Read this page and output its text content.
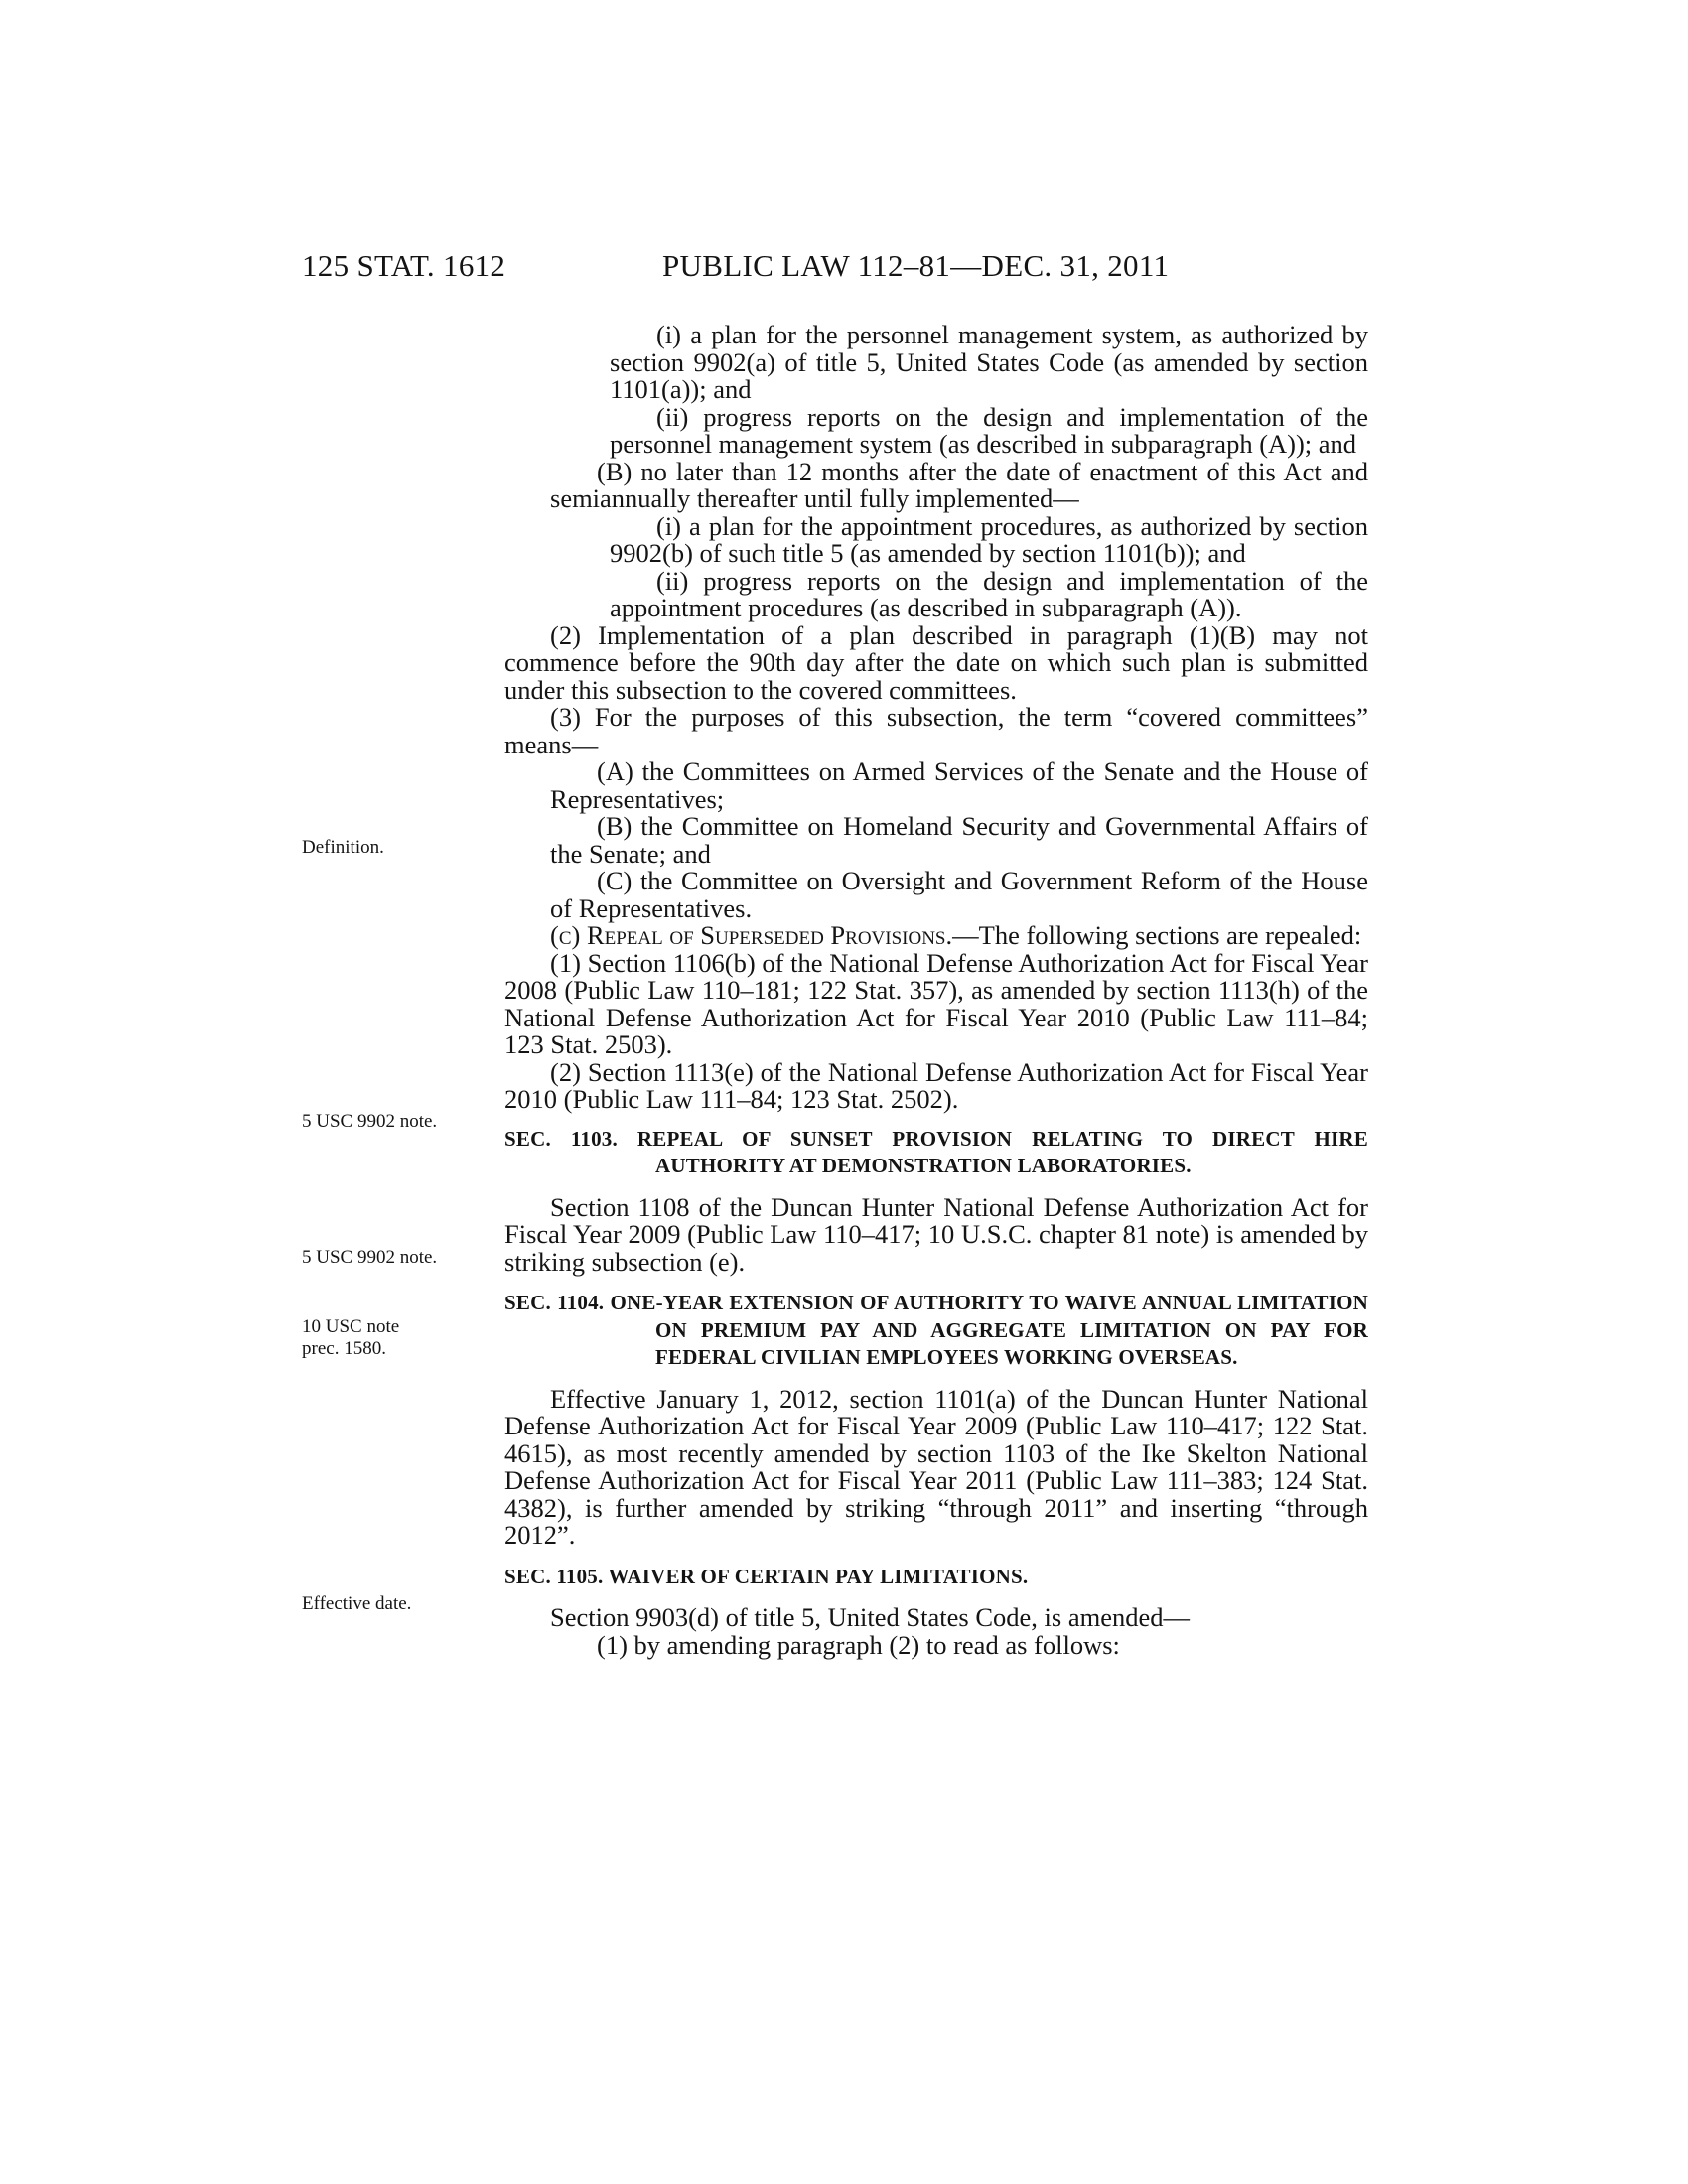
125 STAT. 1612	PUBLIC LAW 112–81—DEC. 31, 2011
Definition.
5 USC 9902 note.
5 USC 9902 note.
10 USC note
prec. 1580.
Effective date.

(i) a plan for the personnel management system, as authorized by section 9902(a) of title 5, United States Code (as amended by section 1101(a)); and

(ii) progress reports on the design and implementation of the personnel management system (as described in subparagraph (A)); and

(B) no later than 12 months after the date of enactment of this Act and semiannually thereafter until fully implemented—

(i) a plan for the appointment procedures, as authorized by section 9902(b) of such title 5 (as amended by section 1101(b)); and

(ii) progress reports on the design and implementation of the appointment procedures (as described in subparagraph (A)).

(2) Implementation of a plan described in paragraph (1)(B) may not commence before the 90th day after the date on which such plan is submitted under this subsection to the covered committees.

(3) For the purposes of this subsection, the term “covered committees” means—

(A) the Committees on Armed Services of the Senate and the House of Representatives;

(B) the Committee on Homeland Security and Governmental Affairs of the Senate; and

(C) the Committee on Oversight and Government Reform of the House of Representatives.

(c) Repeal of Superseded Provisions.—The following sections are repealed:

(1) Section 1106(b) of the National Defense Authorization Act for Fiscal Year 2008 (Public Law 110–181; 122 Stat. 357), as amended by section 1113(h) of the National Defense Authorization Act for Fiscal Year 2010 (Public Law 111–84; 123 Stat. 2503).

(2) Section 1113(e) of the National Defense Authorization Act for Fiscal Year 2010 (Public Law 111–84; 123 Stat. 2502).

SEC. 1103. REPEAL OF SUNSET PROVISION RELATING TO DIRECT HIRE AUTHORITY AT DEMONSTRATION LABORATORIES.

Section 1108 of the Duncan Hunter National Defense Authorization Act for Fiscal Year 2009 (Public Law 110–417; 10 U.S.C. chapter 81 note) is amended by striking subsection (e).

SEC. 1104. ONE-YEAR EXTENSION OF AUTHORITY TO WAIVE ANNUAL LIMITATION ON PREMIUM PAY AND AGGREGATE LIMITATION ON PAY FOR FEDERAL CIVILIAN EMPLOYEES WORKING OVERSEAS.

Effective January 1, 2012, section 1101(a) of the Duncan Hunter National Defense Authorization Act for Fiscal Year 2009 (Public Law 110–417; 122 Stat. 4615), as most recently amended by section 1103 of the Ike Skelton National Defense Authorization Act for Fiscal Year 2011 (Public Law 111–383; 124 Stat. 4382), is further amended by striking “through 2011” and inserting “through 2012”.

SEC. 1105. WAIVER OF CERTAIN PAY LIMITATIONS.

Section 9903(d) of title 5, United States Code, is amended—

(1) by amending paragraph (2) to read as follows:
